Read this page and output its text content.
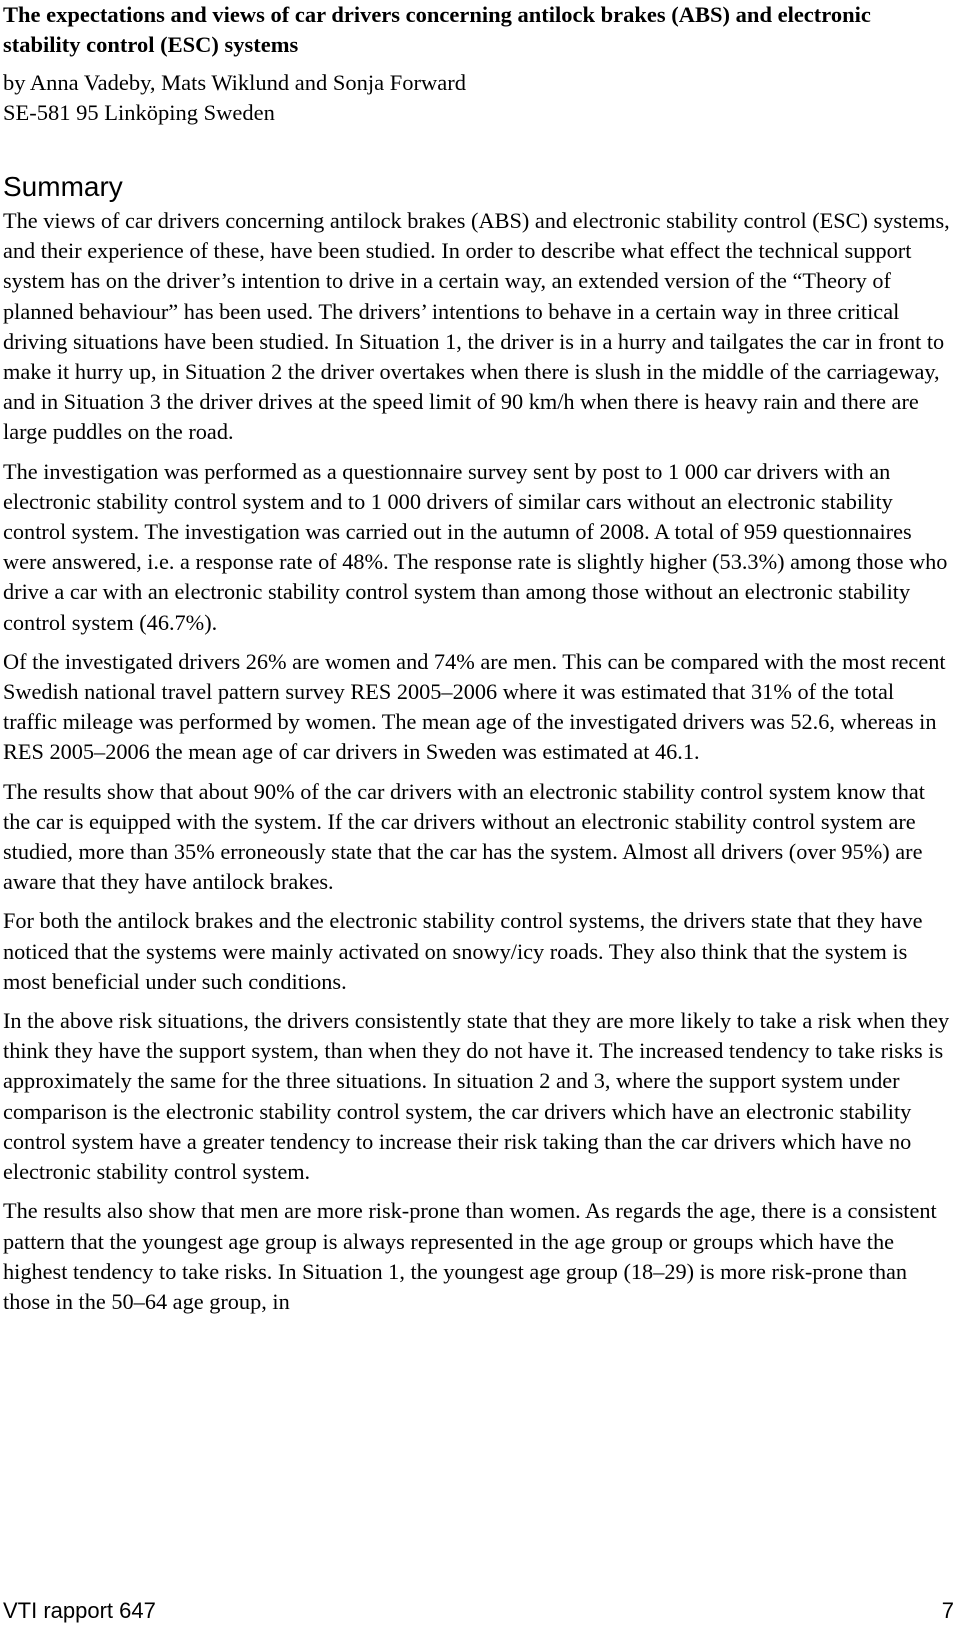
The expectations and views of car drivers concerning antilock brakes (ABS) and electronic stability control (ESC) systems

by Anna Vadeby, Mats Wiklund and Sonja Forward

SE-581 95 Linköping Sweden

Summary

The views of car drivers concerning antilock brakes (ABS) and electronic stability control (ESC) systems, and their experience of these, have been studied. In order to describe what effect the technical support system has on the driver’s intention to drive in a certain way, an extended version of the “Theory of planned behaviour” has been used. The drivers’ intentions to behave in a certain way in three critical driving situations have been studied. In Situation 1, the driver is in a hurry and tailgates the car in front to make it hurry up, in Situation 2 the driver overtakes when there is slush in the middle of the carriageway, and in Situation 3 the driver drives at the speed limit of 90 km/h when there is heavy rain and there are large puddles on the road.

The investigation was performed as a questionnaire survey sent by post to 1 000 car drivers with an electronic stability control system and to 1 000 drivers of similar cars without an electronic stability control system. The investigation was carried out in the autumn of 2008. A total of 959 questionnaires were answered, i.e. a response rate of 48%. The response rate is slightly higher (53.3%) among those who drive a car with an electronic stability control system than among those without an electronic stability control system (46.7%).

Of the investigated drivers 26% are women and 74% are men. This can be compared with the most recent Swedish national travel pattern survey RES 2005–2006 where it was estimated that 31% of the total traffic mileage was performed by women. The mean age of the investigated drivers was 52.6, whereas in RES 2005–2006 the mean age of car drivers in Sweden was estimated at 46.1.

The results show that about 90% of the car drivers with an electronic stability control system know that the car is equipped with the system. If the car drivers without an electronic stability control system are studied, more than 35% erroneously state that the car has the system. Almost all drivers (over 95%) are aware that they have antilock brakes.

For both the antilock brakes and the electronic stability control systems, the drivers state that they have noticed that the systems were mainly activated on snowy/icy roads. They also think that the system is most beneficial under such conditions.

In the above risk situations, the drivers consistently state that they are more likely to take a risk when they think they have the support system, than when they do not have it. The increased tendency to take risks is approximately the same for the three situations. In situation 2 and 3, where the support system under comparison is the electronic stability control system, the car drivers which have an electronic stability control system have a greater tendency to increase their risk taking than the car drivers which have no electronic stability control system.

The results also show that men are more risk-prone than women. As regards the age, there is a consistent pattern that the youngest age group is always represented in the age group or groups which have the highest tendency to take risks. In Situation 1, the youngest age group (18–29) is more risk-prone than those in the 50–64 age group, in

VTI rapport 647	7
